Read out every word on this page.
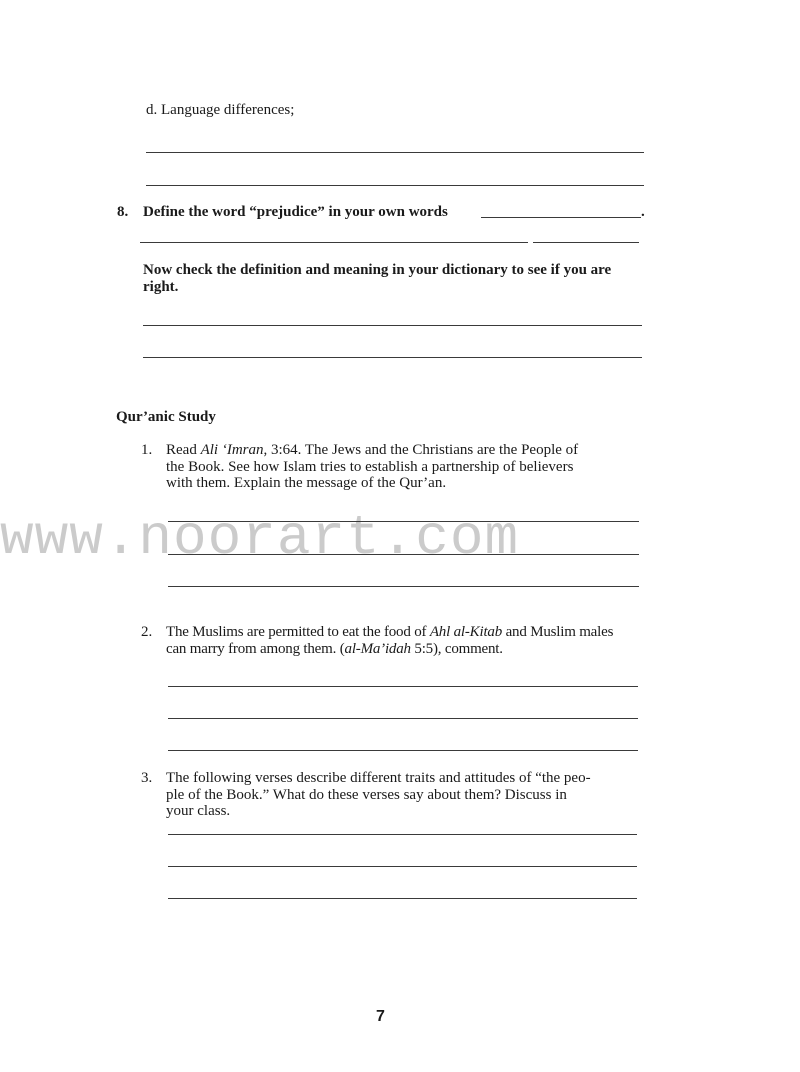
www.noorart.com
d. Language differences;
8. Define the word “prejudice” in your own words	.
Now check the definition and meaning in your dictionary to see if you are
right.
Qur’anic Study
1. Read Ali ‘Imran, 3:64. The Jews and the Christians are the People of
the Book. See how Islam tries to establish a partnership of believers
with them. Explain the message of the Qur’an.
2. The Muslims are permitted to eat the food of Ahl al-Kitab and Muslim males
can marry from among them. (al-Ma’idah 5:5), comment.
3. The following verses describe different traits and attitudes of “the peo-
ple of the Book.” What do these verses say about them? Discuss in
your class.
7
